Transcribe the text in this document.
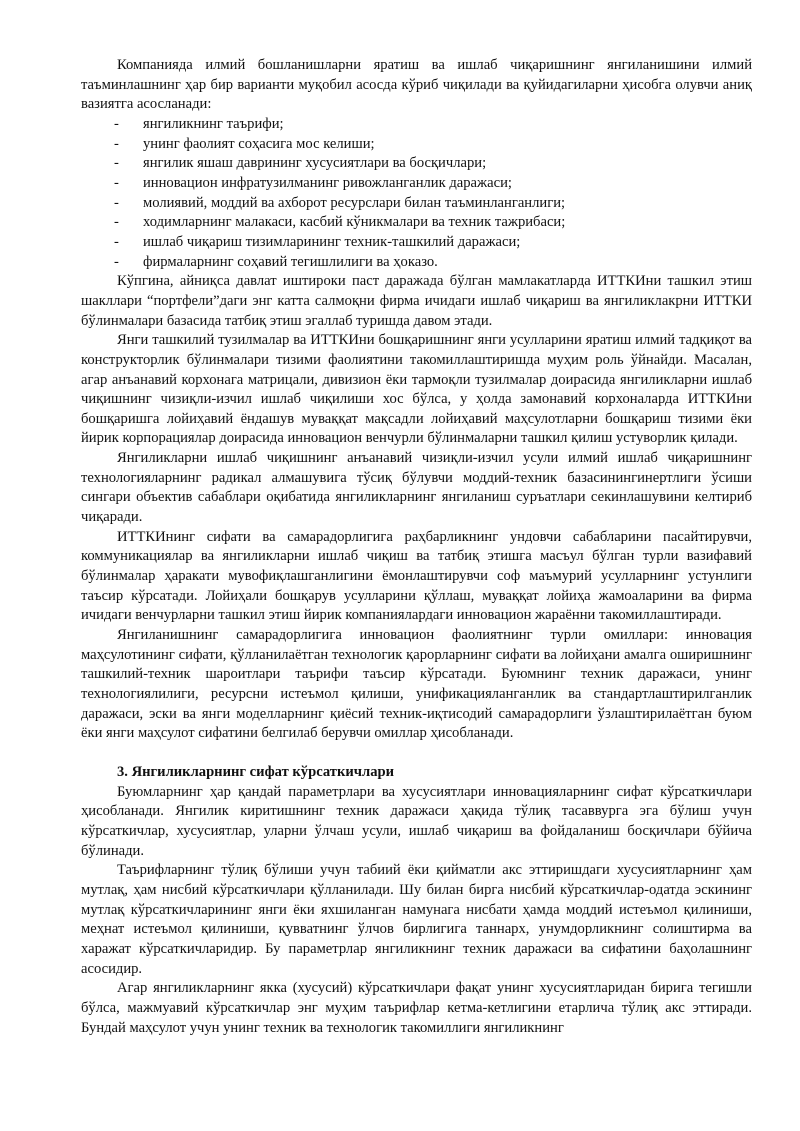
Компанияда илмий бошланишларни яратиш ва ишлаб чиқаришнинг янгиланишини илмий таъминлашнинг ҳар бир варианти муқобил асосда кўриб чиқилади ва қуйидагиларни ҳисобга олувчи аниқ вазиятга асосланади:

- янгиликнинг таърифи;
- унинг фаолият соҳасига мос келиши;
- янгилик яшаш даврининг хусусиятлари ва босқичлари;
- инновацион инфратузилманинг ривожланганлик даражаси;
- молиявий, моддий ва ахборот ресурслари билан таъминланганлиги;
- ходимларнинг малакаси, касбий кўникмалари ва техник тажрибаси;
- ишлаб чиқариш тизимларининг техник-ташкилий даражаси;
- фирмаларнинг соҳавий тегишлилиги ва ҳоказо.

Кўпгина, айниқса давлат иштироки паст даражада бўлган мамлакатларда ИТТКИни ташкил этиш шакллари “портфели”даги энг катта салмоқни фирма ичидаги ишлаб чиқариш ва янгиликлакрни ИТТКИ бўлинмалари базасида татбиқ этиш эгаллаб туришда давом этади.

Янги ташкилий тузилмалар ва ИТТКИни бошқаришнинг янги усулларини яратиш илмий тадқиқот ва конструкторлик бўлинмалари тизими фаолиятини такомиллаштиришда муҳим роль ўйнайди. Масалан, агар анъанавий корхонага матрицали, дивизион ёки тармоқли тузилмалар доирасида янгиликларни ишлаб чиқишнинг чизиқли-изчил ишлаб чиқилиши хос бўлса, у ҳолда замонавий корхоналарда ИТТКИни бошқаришга лойиҳавий ёндашув муваққат мақсадли лойиҳавий маҳсулотларни бошқариш тизими ёки йирик корпорациялар доирасида инновацион венчурли бўлинмаларни ташкил қилиш устуворлик қилади.

Янгиликларни ишлаб чиқишнинг анъанавий чизиқли-изчил усули илмий ишлаб чиқаришнинг технологияларнинг радикал алмашувига тўсиқ бўлувчи моддий-техник базасинингинертлиги ўсиши сингари объектив сабаблари оқибатида янгиликларнинг янгиланиш суръатлари секинлашувини келтириб чиқаради.

ИТТКИнинг сифати ва самарадорлигига раҳбарликнинг ундовчи сабабларини пасайтирувчи, коммуникациялар ва янгиликларни ишлаб чиқиш ва татбиқ этишга масъул бўлган турли вазифавий бўлинмалар ҳаракати мувофиқлашганлигини ёмонлаштирувчи соф маъмурий усулларнинг устунлиги таъсир кўрсатади. Лойиҳали бошқарув усулларини қўллаш, муваққат лойиҳа жамоаларини ва фирма ичидаги венчурларни ташкил этиш йирик компаниялардаги инновацион жараённи такомиллаштиради.

Янгиланишнинг самарадорлигига инновацион фаолиятнинг турли омиллари: инновация маҳсулотининг сифати, қўлланилаётган технологик қарорларнинг сифати ва лойиҳани амалга оширишнинг ташкилий-техник шароитлари таърифи таъсир кўрсатади. Буюмнинг техник даражаси, унинг технологиялилиги, ресурсни истеъмол қилиши, унификацияланганлик ва стандартлаштирилганлик даражаси, эски ва янги моделларнинг қиёсий техник-иқтисодий самарадорлиги ўзлаштирилаётган буюм ёки янги маҳсулот сифатини белгилаб берувчи омиллар ҳисобланади.

3. Янгиликларнинг сифат кўрсаткичлари

Буюмларнинг ҳар қандай параметрлари ва хусусиятлари инновацияларнинг сифат кўрсаткичлари ҳисобланади. Янгилик киритишнинг техник даражаси ҳақида тўлиқ тасаввурга эга бўлиш учун кўрсаткичлар, хусусиятлар, уларни ўлчаш усули, ишлаб чиқариш ва фойдаланиш босқичлари бўйича бўлинади.

Таърифларнинг тўлиқ бўлиши учун табиий ёки қийматли акс эттиришдаги хусусиятларнинг ҳам мутлақ, ҳам нисбий кўрсаткичлари қўлланилади. Шу билан бирга нисбий кўрсаткичлар-одатда эскининг мутлақ кўрсаткичларининг янги ёки яхшиланган намунага нисбати ҳамда моддий истеъмол қилиниши, меҳнат истеъмол қилиниши, қувватнинг ўлчов бирлигига таннарх, унумдорликнинг солиштирма ва харажат кўрсаткичларидир. Бу параметрлар янгиликнинг техник даражаси ва сифатини баҳолашнинг асосидир.

Агар янгиликларнинг якка (хусусий) кўрсаткичлари фақат унинг хусусиятларидан бирига тегишли бўлса, мажмуавий кўрсаткичлар энг муҳим таърифлар кетма-кетлигини етарлича тўлиқ акс эттиради. Бундай маҳсулот учун унинг техник ва технологик такомиллиги янгиликнинг
